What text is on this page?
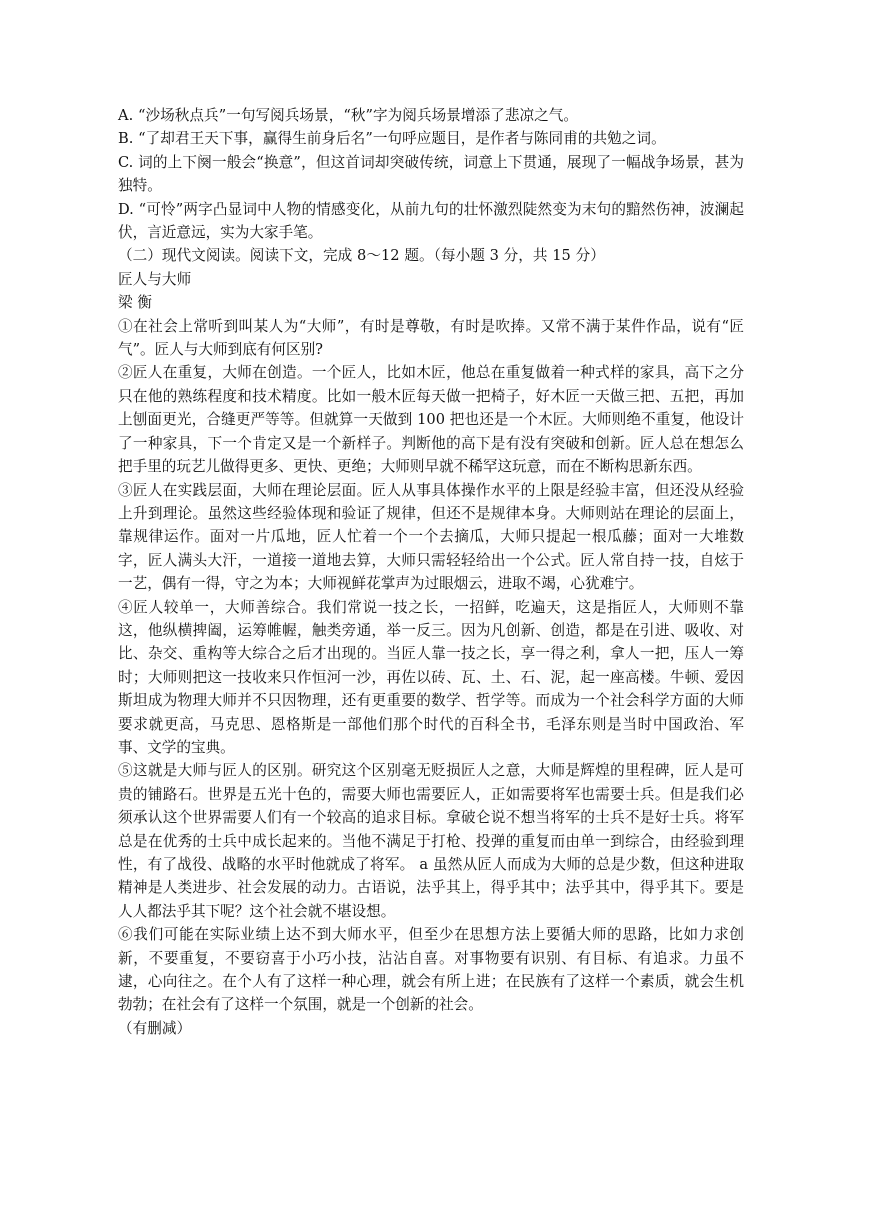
A. “沙场秋点兵”一句写阅兵场景，“秋”字为阅兵场景增添了悲凉之气。
B. “了却君王天下事，赢得生前身后名”一句呼应题目，是作者与陈同甫的共勉之词。
C. 词的上下阕一般会“换意”，但这首词却突破传统，词意上下贯通，展现了一幅战争场景，甚为独特。
D. “可怜”两字凸显词中人物的情感变化，从前九句的壮怀激烈陡然变为末句的黯然伤神，波澜起伏，言近意远，实为大家手笔。
（二）现代文阅读。阅读下文，完成 8～12 题。（每小题 3 分，共 15 分）
匠人与大师
梁 衡
①在社会上常听到叫某人为“大师”，有时是尊敬，有时是吹捧。又常不满于某件作品，说有“匠气”。匠人与大师到底有何区别?
②匠人在重复，大师在创造。一个匠人，比如木匠，他总在重复做着一种式样的家具，高下之分只在他的熟练程度和技术精度。比如一般木匠每天做一把椅子，好木匠一天做三把、五把，再加上刨面更光，合缝更严等等。但就算一天做到 100 把也还是一个木匠。大师则绝不重复，他设计了一种家具，下一个肯定又是一个新样子。判断他的高下是有没有突破和创新。匠人总在想怎么把手里的玩艺儿做得更多、更快、更绝；大师则早就不稀罕这玩意，而在不断构思新东西。
③匠人在实践层面，大师在理论层面。匠人从事具体操作水平的上限是经验丰富，但还没从经验上升到理论。虽然这些经验体现和验证了规律，但还不是规律本身。大师则站在理论的层面上，靠规律运作。面对一片瓜地，匠人忙着一个一个去摘瓜，大师只提起一根瓜藤；面对一大堆数字，匠人满头大汗，一道接一道地去算，大师只需轻轻给出一个公式。匠人常自持一技，自炫于一艺，偶有一得，守之为本；大师视鲜花掌声为过眼烟云，进取不竭，心犹难宁。
④匠人较单一，大师善综合。我们常说一技之长，一招鲜，吃遍天，这是指匠人，大师则不靠这，他纵横捭阖，运筹帷幄，触类旁通，举一反三。因为凡创新、创造，都是在引进、吸收、对比、杂交、重构等大综合之后才出现的。当匠人靠一技之长，享一得之利，拿人一把，压人一筹时；大师则把这一技收来只作恒河一沙，再佐以砖、瓦、土、石、泥，起一座高楼。牛顿、爱因斯坦成为物理大师并不只因物理，还有更重要的数学、哲学等。而成为一个社会科学方面的大师要求就更高，马克思、恩格斯是一部他们那个时代的百科全书，毛泽东则是当时中国政治、军事、文学的宝典。
⑤这就是大师与匠人的区别。研究这个区别毫无贬损匠人之意，大师是辉煌的里程碑，匠人是可贵的铺路石。世界是五光十色的，需要大师也需要匠人，正如需要将军也需要士兵。但是我们必须承认这个世界需要人们有一个较高的追求目标。拿破仑说不想当将军的士兵不是好士兵。将军总是在优秀的士兵中成长起来的。当他不满足于打枪、投弹的重复而由单一到综合，由经验到理性，有了战役、战略的水平时他就成了将军。 a 虽然从匠人而成为大师的总是少数，但这种进取精神是人类进步、社会发展的动力。古语说，法乎其上，得乎其中；法乎其中，得乎其下。要是人人都法乎其下呢？这个社会就不堪设想。
⑥我们可能在实际业绩上达不到大师水平，但至少在思想方法上要循大师的思路，比如力求创新，不要重复，不要窃喜于小巧小技，沾沾自喜。对事物要有识别、有目标、有追求。力虽不逮，心向往之。在个人有了这样一种心理，就会有所上进；在民族有了这样一个素质，就会生机勃勃；在社会有了这样一个氛围，就是一个创新的社会。
（有删减）
